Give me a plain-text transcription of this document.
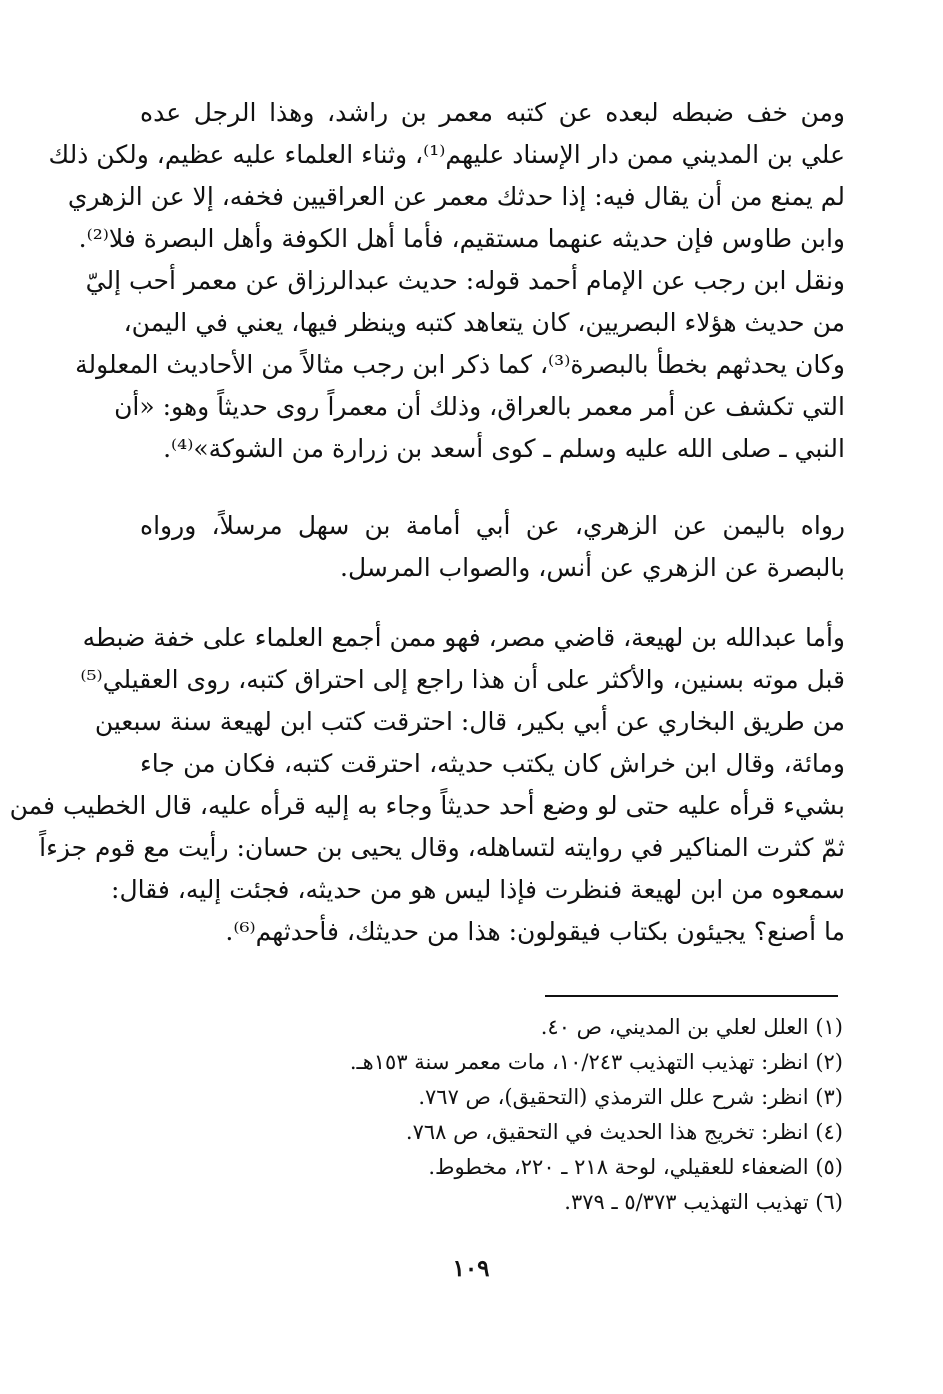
ومن خف ضبطه لبعده عن كتبه معمر بن راشد، وهذا الرجل عده
علي بن المديني ممن دار الإسناد عليهم⁽¹⁾، وثناء العلماء عليه عظيم، ولكن ذلك
لم يمنع من أن يقال فيه: إذا حدثك معمر عن العراقيين فخفه، إلا عن الزهري
وابن طاوس فإن حديثه عنهما مستقيم، فأما أهل الكوفة وأهل البصرة فلا⁽²⁾.
ونقل ابن رجب عن الإمام أحمد قوله: حديث عبدالرزاق عن معمر أحب إليّ
من حديث هؤلاء البصريين، كان يتعاهد كتبه وينظر فيها، يعني في اليمن،
وكان يحدثهم بخطأ بالبصرة⁽³⁾، كما ذكر ابن رجب مثالاً من الأحاديث المعلولة
التي تكشف عن أمر معمر بالعراق، وذلك أن معمراً روى حديثاً وهو: «أن
النبي ـ صلى الله عليه وسلم ـ كوى أسعد بن زرارة من الشوكة»⁽⁴⁾.
رواه باليمن عن الزهري، عن أبي أمامة بن سهل مرسلاً، ورواه
بالبصرة عن الزهري عن أنس، والصواب المرسل.
وأما عبدالله بن لهيعة، قاضي مصر، فهو ممن أجمع العلماء على خفة ضبطه
قبل موته بسنين، والأكثر على أن هذا راجع إلى احتراق كتبه، روى العقيلي⁽⁵⁾
من طريق البخاري عن أبي بكير، قال: احترقت كتب ابن لهيعة سنة سبعين
ومائة، وقال ابن خراش كان يكتب حديثه، احترقت كتبه، فكان من جاء
بشيء قرأه عليه حتى لو وضع أحد حديثاً وجاء به إليه قرأه عليه، قال الخطيب فمن
ثمّ كثرت المناكير في روايته لتساهله، وقال يحيى بن حسان: رأيت مع قوم جزءاً
سمعوه من ابن لهيعة فنظرت فإذا ليس هو من حديثه، فجئت إليه، فقال:
ما أصنع؟ يجيئون بكتاب فيقولون: هذا من حديثك، فأحدثهم⁽⁶⁾.
(١) العلل لعلي بن المديني، ص ٤٠.
(٢) انظر: تهذيب التهذيب ١٠/٢٤٣، مات معمر سنة ١٥٣هـ.
(٣) انظر: شرح علل الترمذي (التحقيق)، ص ٧٦٧.
(٤) انظر: تخريج هذا الحديث في التحقيق، ص ٧٦٨.
(٥) الضعفاء للعقيلي، لوحة ٢١٨ ـ ٢٢٠، مخطوط.
(٦) تهذيب التهذيب ٥/٣٧٣ ـ ٣٧٩.
١٠٩
